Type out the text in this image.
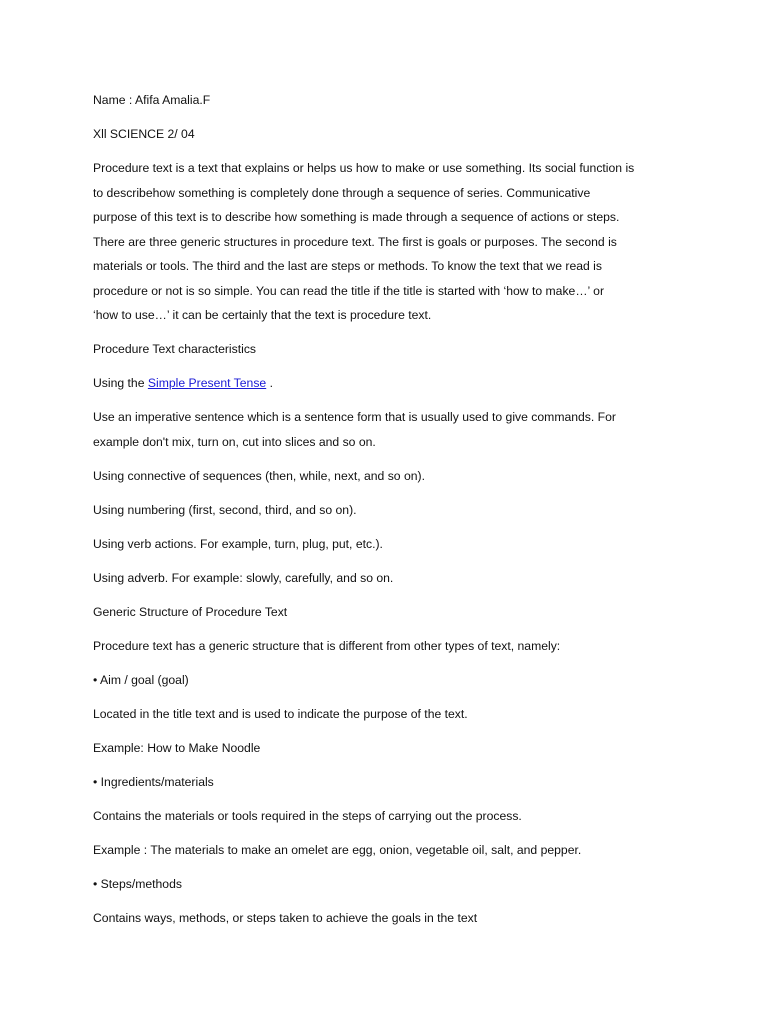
Name : Afifa Amalia.F

Xll SCIENCE 2/ 04

Procedure text is a text that explains or helps us how to make or use something. Its social function is
to describehow something is completely done through a sequence of series. Communicative
purpose of this text is to describe how something is made through a sequence of actions or steps.
There are three generic structures in procedure text. The first is goals or purposes. The second is
materials or tools. The third and the last are steps or methods. To know the text that we read is
procedure or not is so simple. You can read the title if the title is started with ‘how to make…’ or
‘how to use…’ it can be certainly that the text is procedure text.

Procedure Text characteristics

Using the Simple Present Tense .

Use an imperative sentence which is a sentence form that is usually used to give commands. For
example don't mix, turn on, cut into slices and so on.

Using connective of sequences (then, while, next, and so on).

Using numbering (first, second, third, and so on).

Using verb actions. For example, turn, plug, put, etc.).

Using adverb. For example: slowly, carefully, and so on.

Generic Structure of Procedure Text

Procedure text has a generic structure that is different from other types of text, namely:

• Aim / goal (goal)

Located in the title text and is used to indicate the purpose of the text.

Example: How to Make Noodle

• Ingredients/materials

Contains the materials or tools required in the steps of carrying out the process.

Example : The materials to make an omelet are egg, onion, vegetable oil, salt, and pepper.

• Steps/methods

Contains ways, methods, or steps taken to achieve the goals in the text
